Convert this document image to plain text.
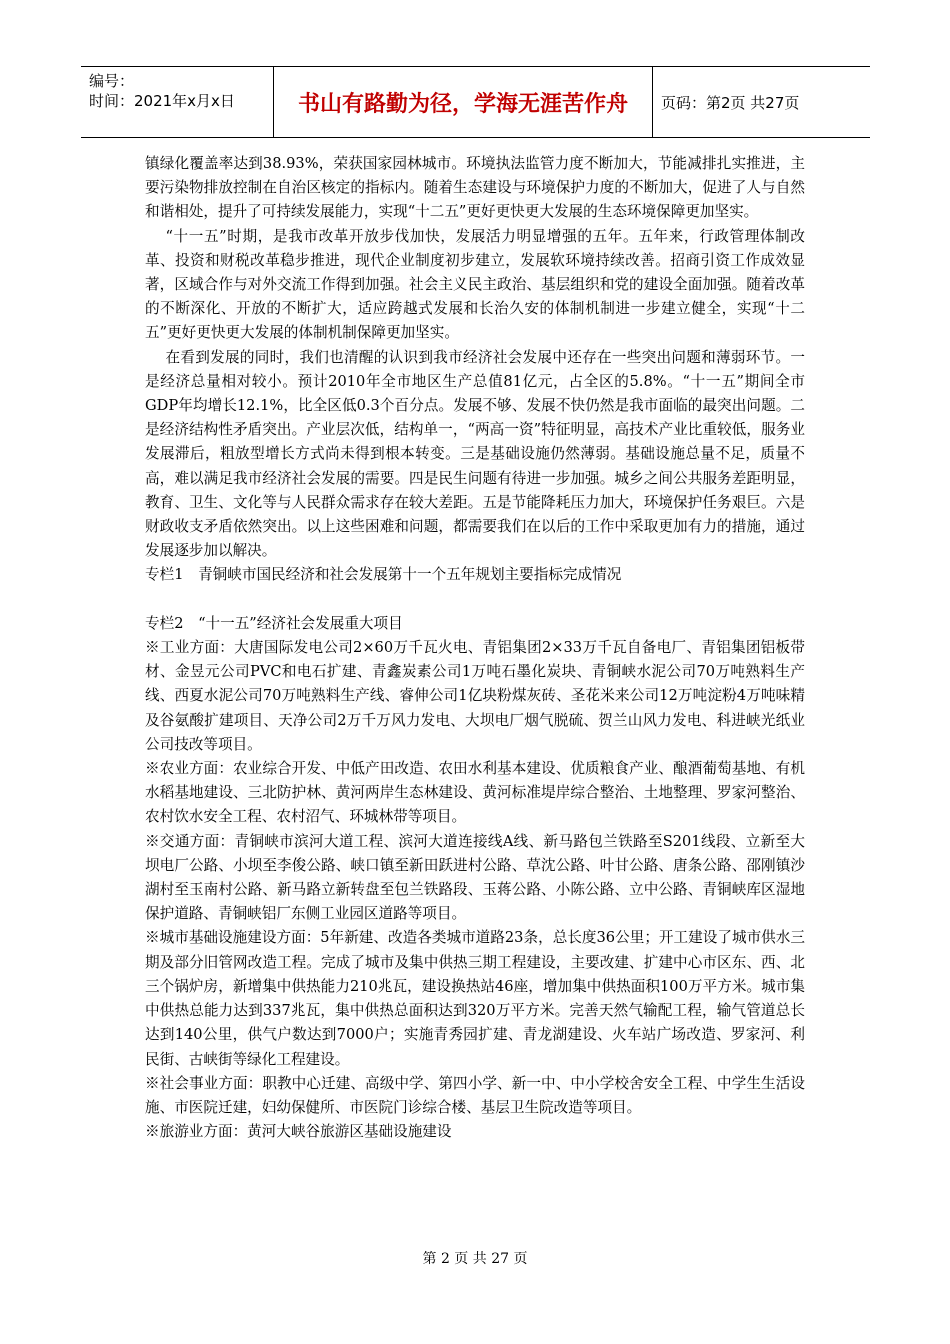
编号：
时间：2021年x月x日	书山有路勤为径，学海无涯苦作舟	页码：第2页 共27页

镇绿化覆盖率达到38.93%，荣获国家园林城市。环境执法监管力度不断加大，节能减排扎实推进，主要污染物排放控制在自治区核定的指标内。随着生态建设与环境保护力度的不断加大，促进了人与自然和谐相处，提升了可持续发展能力，实现“十二五”更好更快更大发展的生态环境保障更加坚实。

“十一五”时期，是我市改革开放步伐加快，发展活力明显增强的五年。五年来，行政管理体制改革、投资和财税改革稳步推进，现代企业制度初步建立，发展软环境持续改善。招商引资工作成效显著，区域合作与对外交流工作得到加强。社会主义民主政治、基层组织和党的建设全面加强。随着改革的不断深化、开放的不断扩大，适应跨越式发展和长治久安的体制机制进一步建立健全，实现“十二五”更好更快更大发展的体制机制保障更加坚实。

在看到发展的同时，我们也清醒的认识到我市经济社会发展中还存在一些突出问题和薄弱环节。一是经济总量相对较小。预计2010年全市地区生产总值81亿元，占全区的5.8%。“十一五”期间全市GDP年均增长12.1%，比全区低0.3个百分点。发展不够、发展不快仍然是我市面临的最突出问题。二是经济结构性矛盾突出。产业层次低，结构单一，“两高一资”特征明显，高技术产业比重较低，服务业发展滞后，粗放型增长方式尚未得到根本转变。三是基础设施仍然薄弱。基础设施总量不足，质量不高，难以满足我市经济社会发展的需要。四是民生问题有待进一步加强。城乡之间公共服务差距明显，教育、卫生、文化等与人民群众需求存在较大差距。五是节能降耗压力加大，环境保护任务艰巨。六是财政收支矛盾依然突出。以上这些困难和问题，都需要我们在以后的工作中采取更加有力的措施，通过发展逐步加以解决。

专栏1　青铜峡市国民经济和社会发展第十一个五年规划主要指标完成情况

专栏2　“十一五”经济社会发展重大项目

※工业方面：大唐国际发电公司2×60万千瓦火电、青铝集团2×33万千瓦自备电厂、青铝集团铝板带材、金昱元公司PVC和电石扩建、青鑫炭素公司1万吨石墨化炭块、青铜峡水泥公司70万吨熟料生产线、西夏水泥公司70万吨熟料生产线、睿伸公司1亿块粉煤灰砖、圣花米来公司12万吨淀粉4万吨味精及谷氨酸扩建项目、天净公司2万千万风力发电、大坝电厂烟气脱硫、贺兰山风力发电、科进峡光纸业公司技改等项目。

※农业方面：农业综合开发、中低产田改造、农田水利基本建设、优质粮食产业、酿酒葡萄基地、有机水稻基地建设、三北防护林、黄河两岸生态林建设、黄河标准堤岸综合整治、土地整理、罗家河整治、农村饮水安全工程、农村沼气、环城林带等项目。

※交通方面：青铜峡市滨河大道工程、滨河大道连接线A线、新马路包兰铁路至S201线段、立新至大坝电厂公路、小坝至李俊公路、峡口镇至新田跃进村公路、草沈公路、叶甘公路、唐条公路、邵刚镇沙湖村至玉南村公路、新马路立新转盘至包兰铁路段、玉蒋公路、小陈公路、立中公路、青铜峡库区湿地保护道路、青铜峡铝厂东侧工业园区道路等项目。

※城市基础设施建设方面：5年新建、改造各类城市道路23条，总长度36公里；开工建设了城市供水三期及部分旧管网改造工程。完成了城市及集中供热三期工程建设，主要改建、扩建中心市区东、西、北三个锅炉房，新增集中供热能力210兆瓦，建设换热站46座，增加集中供热面积100万平方米。城市集中供热总能力达到337兆瓦，集中供热总面积达到320万平方米。完善天然气输配工程，输气管道总长达到140公里，供气户数达到7000户；实施青秀园扩建、青龙湖建设、火车站广场改造、罗家河、利民街、古峡街等绿化工程建设。

※社会事业方面：职教中心迁建、高级中学、第四小学、新一中、中小学校舍安全工程、中学生生活设施、市医院迁建，妇幼保健所、市医院门诊综合楼、基层卫生院改造等项目。

※旅游业方面：黄河大峡谷旅游区基础设施建设

第 2 页 共 27 页
